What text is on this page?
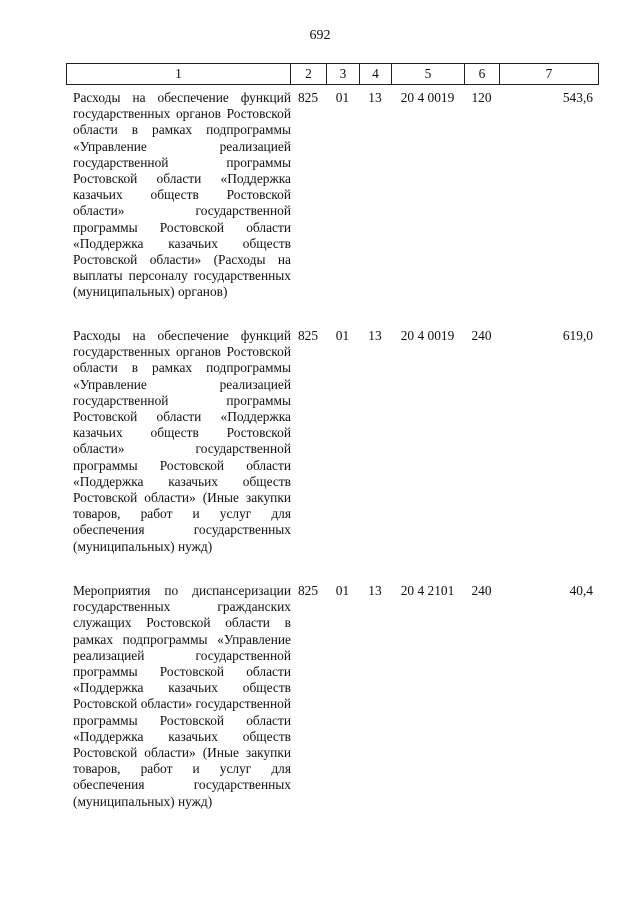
692
1	2	3	4	5	6	7
Расходы на обеспечение функций государственных органов Ростовской области в рамках подпрограммы «Управление реализацией государственной программы Ростовской области «Поддержка казачьих обществ Ростовской области» государственной программы Ростовской области «Поддержка казачьих обществ Ростовской области» (Расходы на выплаты персоналу государственных (муниципальных) органов)
825	01	13	20 4 0019	120	543,6
Расходы на обеспечение функций государственных органов Ростовской области в рамках подпрограммы «Управление реализацией государственной программы Ростовской области «Поддержка казачьих обществ Ростовской области» государственной программы Ростовской области «Поддержка казачьих обществ Ростовской области» (Иные закупки товаров, работ и услуг для обеспечения государственных (муниципальных) нужд)
825	01	13	20 4 0019	240	619,0
Мероприятия по диспансеризации государственных гражданских служащих Ростовской области в рамках подпрограммы «Управление реализацией государственной программы Ростовской области «Поддержка казачьих обществ Ростовской области» государственной программы Ростовской области «Поддержка казачьих обществ Ростовской области» (Иные закупки товаров, работ и услуг для обеспечения государственных (муниципальных) нужд)
825	01	13	20 4 2101	240	40,4
